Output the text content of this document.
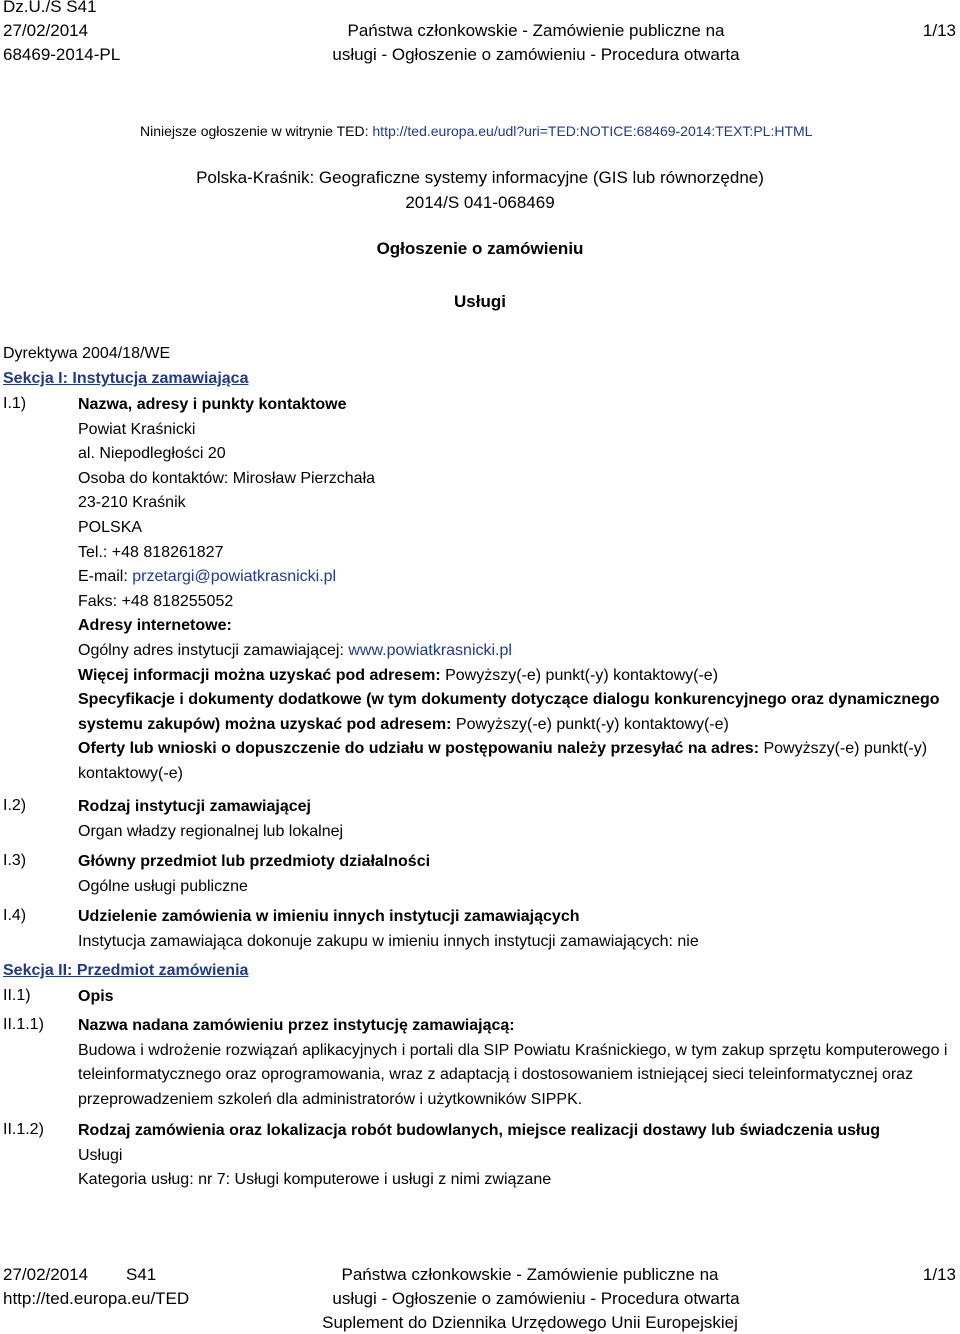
Dz.U./S S41
27/02/2014
68469-2014-PL
Państwa członkowskie - Zamówienie publiczne na
usługi - Ogłoszenie o zamówieniu - Procedura otwarta
1/13
Niniejsze ogłoszenie w witrynie TED: http://ted.europa.eu/udl?uri=TED:NOTICE:68469-2014:TEXT:PL:HTML
Polska-Kraśnik: Geograficzne systemy informacyjne (GIS lub równorzędne)
2014/S 041-068469
Ogłoszenie o zamówieniu
Usługi
Dyrektywa 2004/18/WE
Sekcja I: Instytucja zamawiająca
I.1)	Nazwa, adresy i punkty kontaktowe
Powiat Kraśnicki
al. Niepodległości 20
Osoba do kontaktów: Mirosław Pierzchała
23-210 Kraśnik
POLSKA
Tel.: +48 818261827
E-mail: przetargi@powiatkrasnicki.pl
Faks: +48 818255052
Adresy internetowe:
Ogólny adres instytucji zamawiającej: www.powiatkrasnicki.pl
Więcej informacji można uzyskać pod adresem: Powyższy(-e) punkt(-y) kontaktowy(-e)
Specyfikacje i dokumenty dodatkowe (w tym dokumenty dotyczące dialogu konkurencyjnego oraz dynamicznego systemu zakupów) można uzyskać pod adresem: Powyższy(-e) punkt(-y) kontaktowy(-e)
Oferty lub wnioski o dopuszczenie do udziału w postępowaniu należy przesyłać na adres: Powyższy(-e) punkt(-y) kontaktowy(-e)
I.2)	Rodzaj instytucji zamawiającej
Organ władzy regionalnej lub lokalnej
I.3)	Główny przedmiot lub przedmioty działalności
Ogólne usługi publiczne
I.4)	Udzielenie zamówienia w imieniu innych instytucji zamawiających
Instytucja zamawiająca dokonuje zakupu w imieniu innych instytucji zamawiających: nie
Sekcja II: Przedmiot zamówienia
II.1)	Opis
II.1.1) Nazwa nadana zamówieniu przez instytucję zamawiającą:
Budowa i wdrożenie rozwiązań aplikacyjnych i portali dla SIP Powiatu Kraśnickiego, w tym zakup sprzętu komputerowego i teleinformatycznego oraz oprogramowania, wraz z adaptacją i dostosowaniem istniejącej sieci teleinformatycznej oraz przeprowadzeniem szkoleń dla administratorów i użytkowników SIPPK.
II.1.2) Rodzaj zamówienia oraz lokalizacja robót budowlanych, miejsce realizacji dostawy lub świadczenia usług
Usługi
Kategoria usług: nr 7: Usługi komputerowe i usługi z nimi związane
27/02/2014 S41
http://ted.europa.eu/TED
Państwa członkowskie - Zamówienie publiczne na
usługi - Ogłoszenie o zamówieniu - Procedura otwarta
Suplement do Dziennika Urzędowego Unii Europejskiej
1/13
